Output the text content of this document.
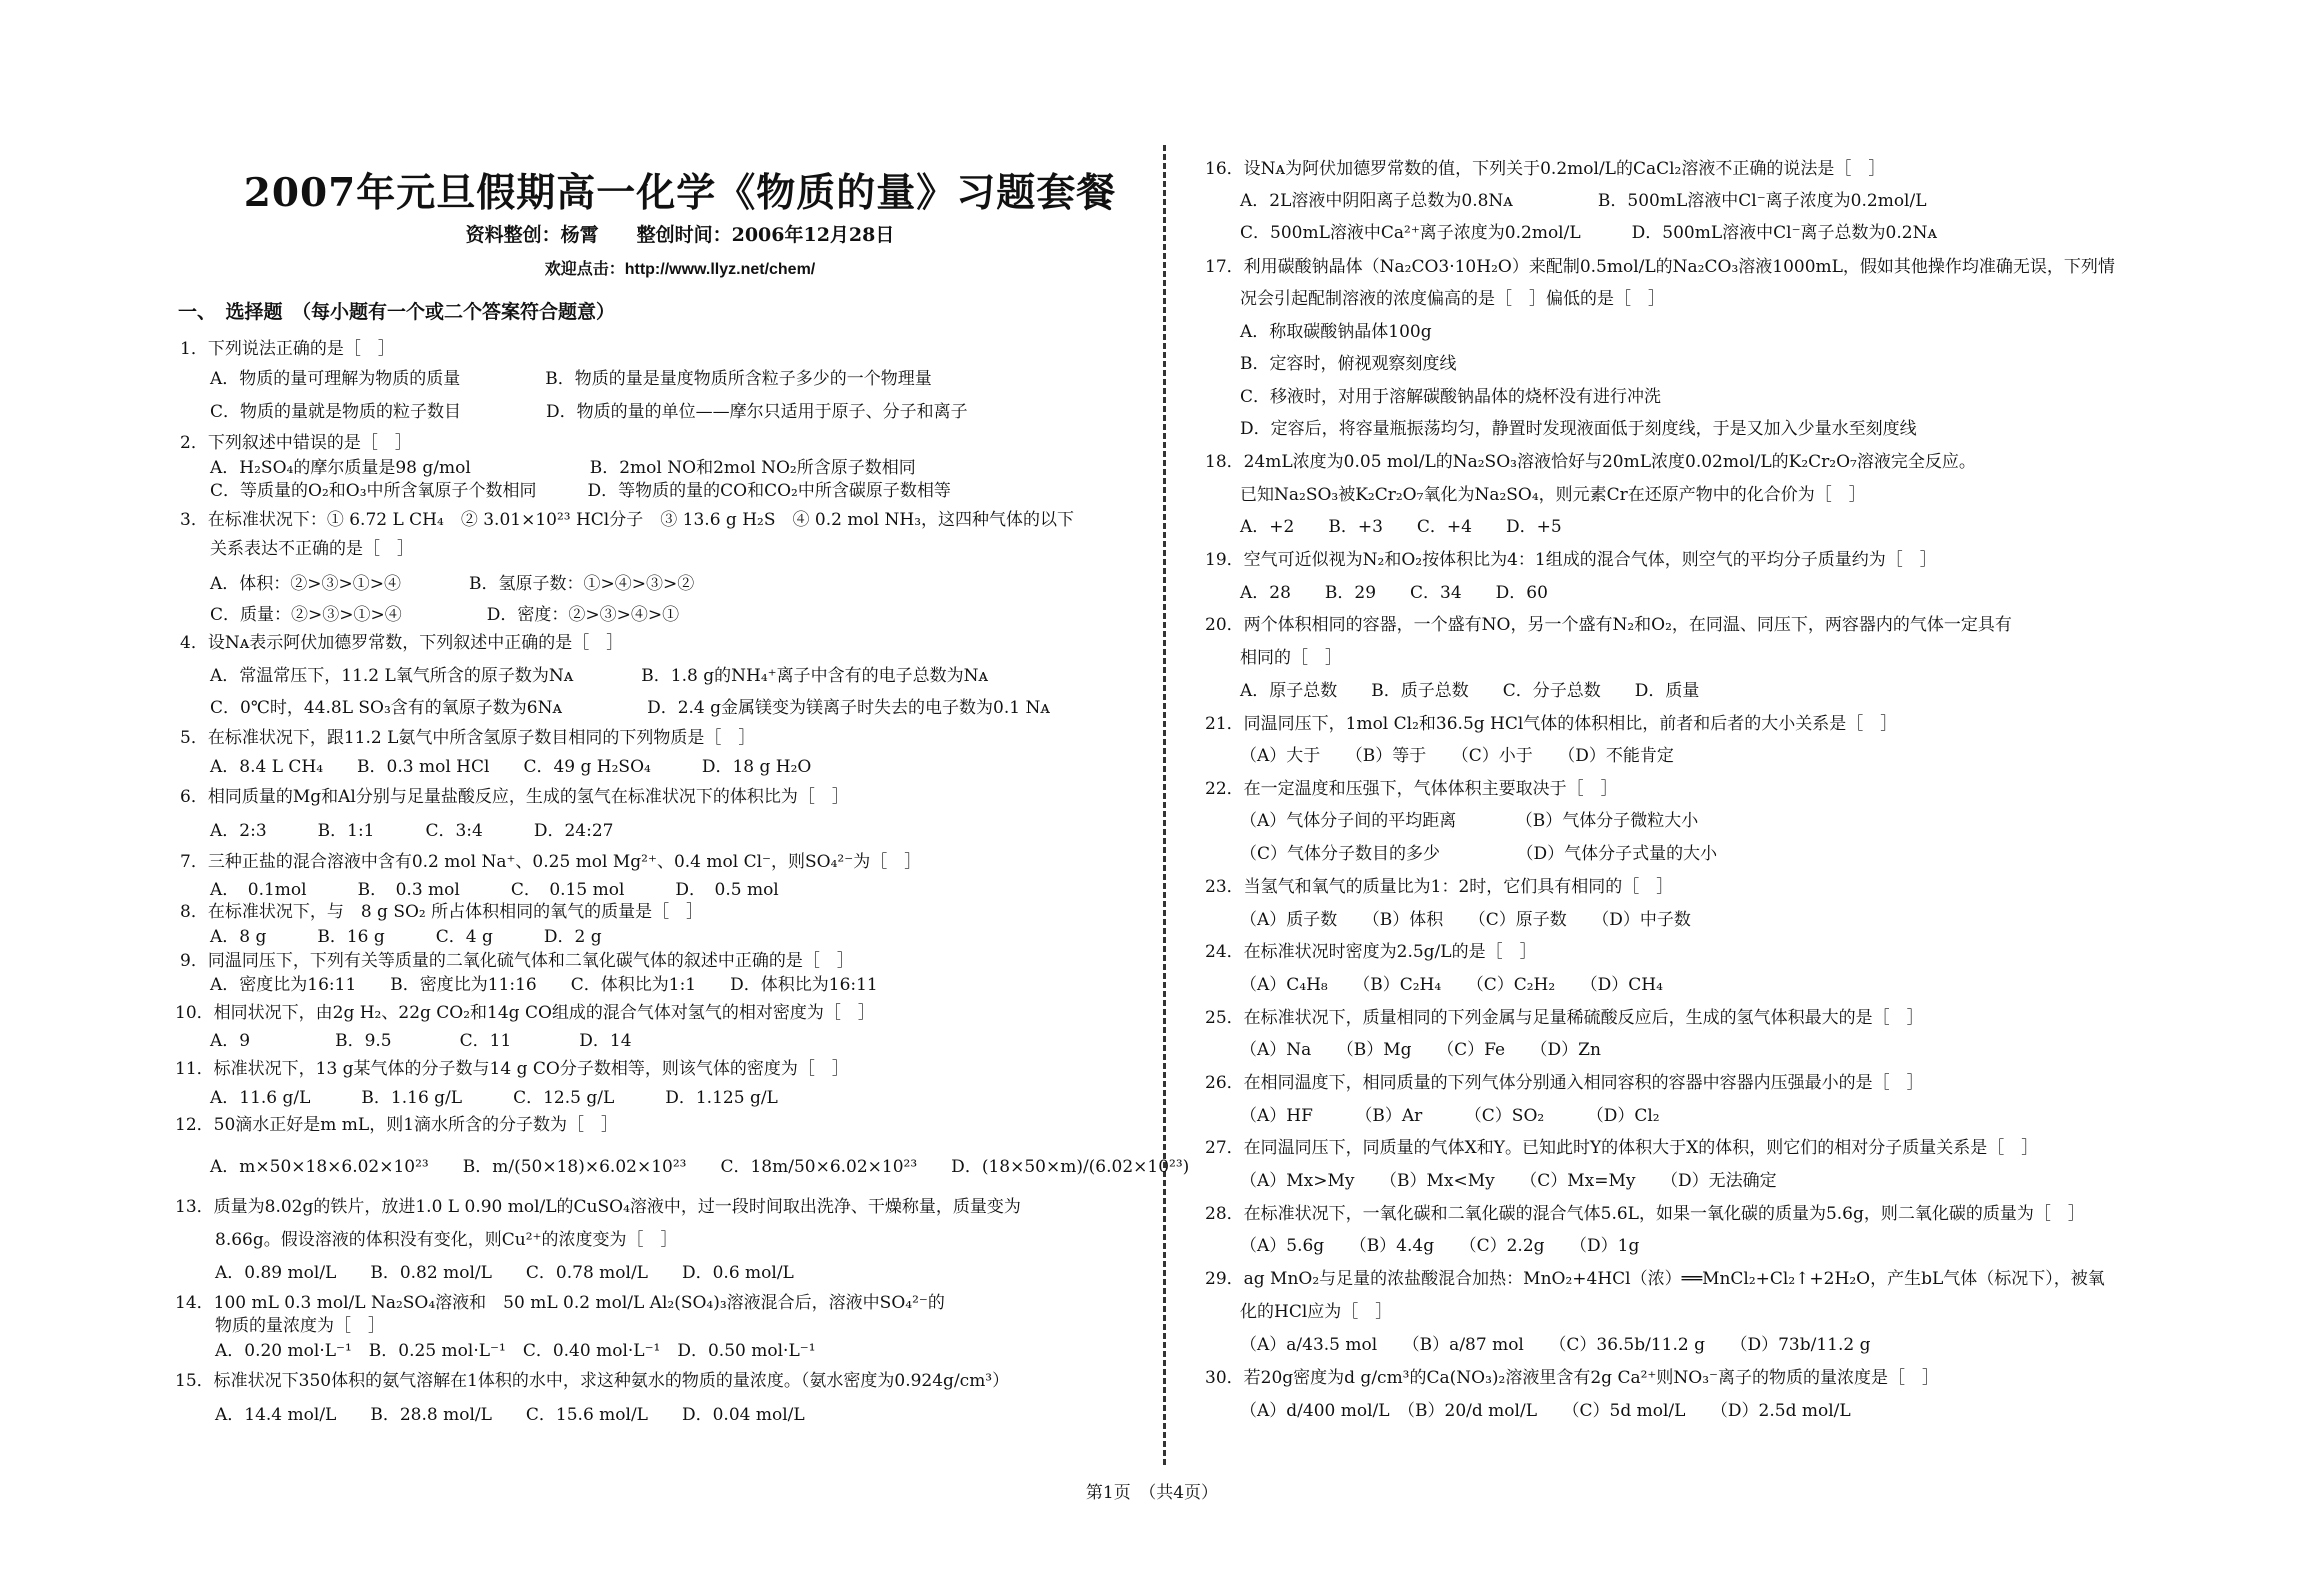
2007年元旦假期高一化学《物质的量》习题套餐
资料整创：杨霄　　整创时间：2006年12月28日
欢迎点击：http://www.llyz.net/chem/
一、　选择题　（每小题有一个或二个答案符合题意）
1．下列说法正确的是［　］
A．物质的量可理解为物质的质量　　　　　B．物质的量是量度物质所含粒子多少的一个物理量
C．物质的量就是物质的粒子数目　　　　　D．物质的量的单位——摩尔只适用于原子、分子和离子
2．下列叙述中错误的是［　］
A．H₂SO₄的摩尔质量是98 g/mol　　　　　　　B．2mol NO和2mol NO₂所含原子数相同
C．等质量的O₂和O₃中所含氧原子个数相同　　　D．等物质的量的CO和CO₂中所含碳原子数相等
3．在标准状况下：① 6.72 L CH₄　② 3.01×10²³ HCl分子　③ 13.6 g H₂S　④ 0.2 mol NH₃，这四种气体的以下
关系表达不正确的是［　］
A．体积：②>③>①>④　　　　B．氢原子数：①>④>③>②
C．质量：②>③>①>④　　　　　D．密度：②>③>④>①
4．设Nᴀ表示阿伏加德罗常数，下列叙述中正确的是［　］
A．常温常压下，11.2 L氧气所含的原子数为Nᴀ　　　　B．1.8 g的NH₄⁺离子中含有的电子总数为Nᴀ
C．0℃时，44.8L SO₃含有的氧原子数为6Nᴀ　　　　　D．2.4 g金属镁变为镁离子时失去的电子数为0.1 Nᴀ
5．在标准状况下，跟11.2 L氨气中所含氢原子数目相同的下列物质是［　］
A．8.4 L CH₄　　B．0.3 mol HCl　　C．49 g H₂SO₄　　　D．18 g H₂O
6．相同质量的Mg和Al分别与足量盐酸反应，生成的氢气在标准状况下的体积比为［　］
A．2:3　　　B．1:1　　　C．3:4　　　D．24:27
7．三种正盐的混合溶液中含有0.2 mol Na⁺、0.25 mol Mg²⁺、0.4 mol Cl⁻，则SO₄²⁻为［　］
A．　0.1mol　　　B．　0.3 mol　　　C．　0.15 mol　　　D．　0.5 mol
8．在标准状况下，与　8 g SO₂ 所占体积相同的氧气的质量是［　］
A．8 g　　　B．16 g　　　C．4 g　　　D．2 g
9．同温同压下，下列有关等质量的二氧化硫气体和二氧化碳气体的叙述中正确的是［　］
A．密度比为16:11　　B．密度比为11:16　　C．体积比为1:1　　D．体积比为16:11
10．相同状况下，由2g H₂、22g CO₂和14g CO组成的混合气体对氢气的相对密度为［　］
A．9　　　　　B．9.5　　　　C．11　　　　D．14
11．标准状况下，13 g某气体的分子数与14 g CO分子数相等，则该气体的密度为［　］
A．11.6 g/L　　　B．1.16 g/L　　　C．12.5 g/L　　　D．1.125 g/L
12．50滴水正好是m mL，则1滴水所含的分子数为［　］
A．m×50×18×6.02×10²³　　B．m/(50×18)×6.02×10²³　　C．18m/50×6.02×10²³　　D．(18×50×m)/(6.02×10²³)
13．质量为8.02g的铁片，放进1.0 L 0.90 mol/L的CuSO₄溶液中，过一段时间取出洗净、干燥称量，质量变为
8.66g。假设溶液的体积没有变化，则Cu²⁺的浓度变为［　］
A．0.89 mol/L　　B．0.82 mol/L　　C．0.78 mol/L　　D．0.6 mol/L
14．100 mL 0.3 mol/L Na₂SO₄溶液和　50 mL 0.2 mol/L Al₂(SO₄)₃溶液混合后，溶液中SO₄²⁻的
物质的量浓度为［　］
A．0.20 mol·L⁻¹　B．0.25 mol·L⁻¹　C．0.40 mol·L⁻¹　D．0.50 mol·L⁻¹
15．标准状况下350体积的氨气溶解在1体积的水中，求这种氨水的物质的量浓度。（氨水密度为0.924g/cm³）
A．14.4 mol/L　　B．28.8 mol/L　　C．15.6 mol/L　　D．0.04 mol/L
16．设Nᴀ为阿伏加德罗常数的值，下列关于0.2mol/L的CaCl₂溶液不正确的说法是［　］
A．2L溶液中阴阳离子总数为0.8Nᴀ　　　　　B．500mL溶液中Cl⁻离子浓度为0.2mol/L
C．500mL溶液中Ca²⁺离子浓度为0.2mol/L　　　D．500mL溶液中Cl⁻离子总数为0.2Nᴀ
17．利用碳酸钠晶体（Na₂CO3·10H₂O）来配制0.5mol/L的Na₂CO₃溶液1000mL，假如其他操作均准确无误，下列情
况会引起配制溶液的浓度偏高的是［　］偏低的是［　］
A．称取碳酸钠晶体100g
B．定容时，俯视观察刻度线
C．移液时，对用于溶解碳酸钠晶体的烧杯没有进行冲洗
D．定容后，将容量瓶振荡均匀，静置时发现液面低于刻度线，于是又加入少量水至刻度线
18．24mL浓度为0.05 mol/L的Na₂SO₃溶液恰好与20mL浓度0.02mol/L的K₂Cr₂O₇溶液完全反应。
已知Na₂SO₃被K₂Cr₂O₇氧化为Na₂SO₄，则元素Cr在还原产物中的化合价为［　］
A．+2　　B．+3　　C．+4　　D．+5
19．空气可近似视为N₂和O₂按体积比为4：1组成的混合气体，则空气的平均分子质量约为［　］
A．28　　B．29　　C．34　　D．60
20．两个体积相同的容器，一个盛有NO，另一个盛有N₂和O₂，在同温、同压下，两容器内的气体一定具有
相同的［　］
A．原子总数　　B．质子总数　　C．分子总数　　D．质量
21．同温同压下，1mol Cl₂和36.5g HCl气体的体积相比，前者和后者的大小关系是［　］
（A）大于　　（B）等于　　（C）小于　　（D）不能肯定
22．在一定温度和压强下，气体体积主要取决于［　］
（A）气体分子间的平均距离　　　　（B）气体分子微粒大小
（C）气体分子数目的多少　　　　　（D）气体分子式量的大小
23．当氢气和氧气的质量比为1：2时，它们具有相同的［　］
（A）质子数　　（B）体积　　（C）原子数　　（D）中子数
24．在标准状况时密度为2.5g/L的是［　］
（A）C₄H₈　　（B）C₂H₄　　（C）C₂H₂　　（D）CH₄
25．在标准状况下，质量相同的下列金属与足量稀硫酸反应后，生成的氢气体积最大的是［　］
（A）Na　　（B）Mg　　（C）Fe　　（D）Zn
26．在相同温度下，相同质量的下列气体分别通入相同容积的容器中容器内压强最小的是［　］
（A）HF　　　（B）Ar　　　（C）SO₂　　　（D）Cl₂
27．在同温同压下，同质量的气体X和Y。已知此时Y的体积大于X的体积，则它们的相对分子质量关系是［　］
（A）Mx>My　　（B）Mx<My　　（C）Mx=My　　（D）无法确定
28．在标准状况下，一氧化碳和二氧化碳的混合气体5.6L，如果一氧化碳的质量为5.6g，则二氧化碳的质量为［　］
（A）5.6g　　（B）4.4g　　（C）2.2g　　（D）1g
29．ag MnO₂与足量的浓盐酸混合加热：MnO₂+4HCl（浓）══MnCl₂+Cl₂↑+2H₂O，产生bL气体（标况下），被氧
化的HCl应为［　］
（A）a/43.5 mol　　（B）a/87 mol　　（C）36.5b/11.2 g　　（D）73b/11.2 g
30．若20g密度为d g/cm³的Ca(NO₃)₂溶液里含有2g Ca²⁺则NO₃⁻离子的物质的量浓度是［　］
（A）d/400 mol/L　（B）20/d mol/L　　（C）5d mol/L　　（D）2.5d mol/L
第1页　（共4页）
